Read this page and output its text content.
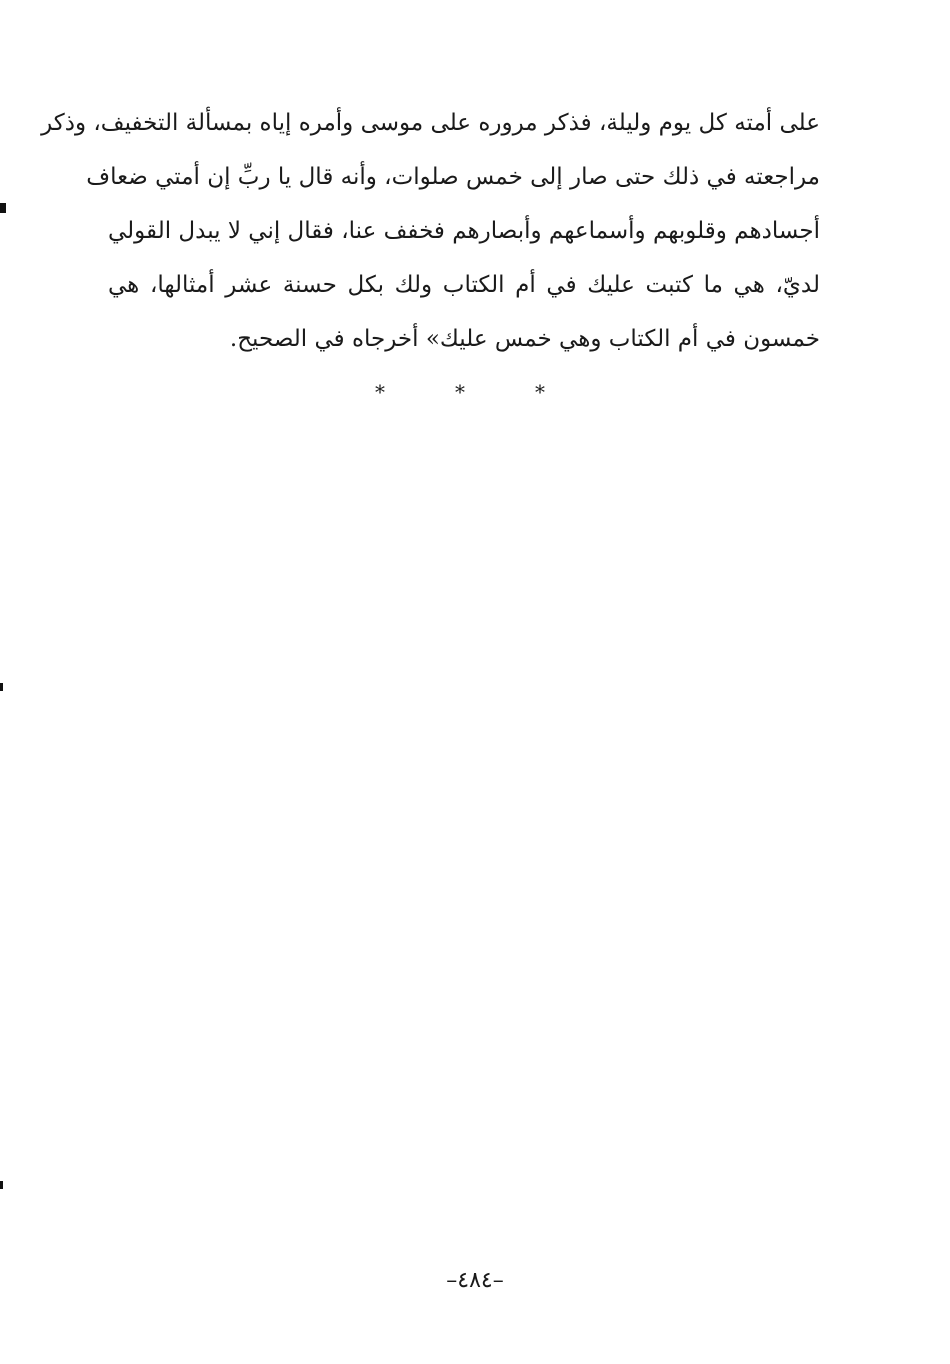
على أمته كل يوم وليلة، فذكر مروره على موسى وأمره إياه بمسألة التخفيف، وذكر
مراجعته في ذلك حتى صار إلى خمس صلوات، وأنه قال يا ربِّ إن أمتي ضعاف
أجسادهم وقلوبهم وأسماعهم وأبصارهم فخفف عنا، فقال إني لا يبدل القولي
لديّ، هي ما كتبت عليك في أم الكتاب ولك بكل حسنة عشر أمثالها، هي
خمسون في أم الكتاب وهي خمس عليك» أخرجاه في الصحيح.
*	*	*
–٤٨٤–
